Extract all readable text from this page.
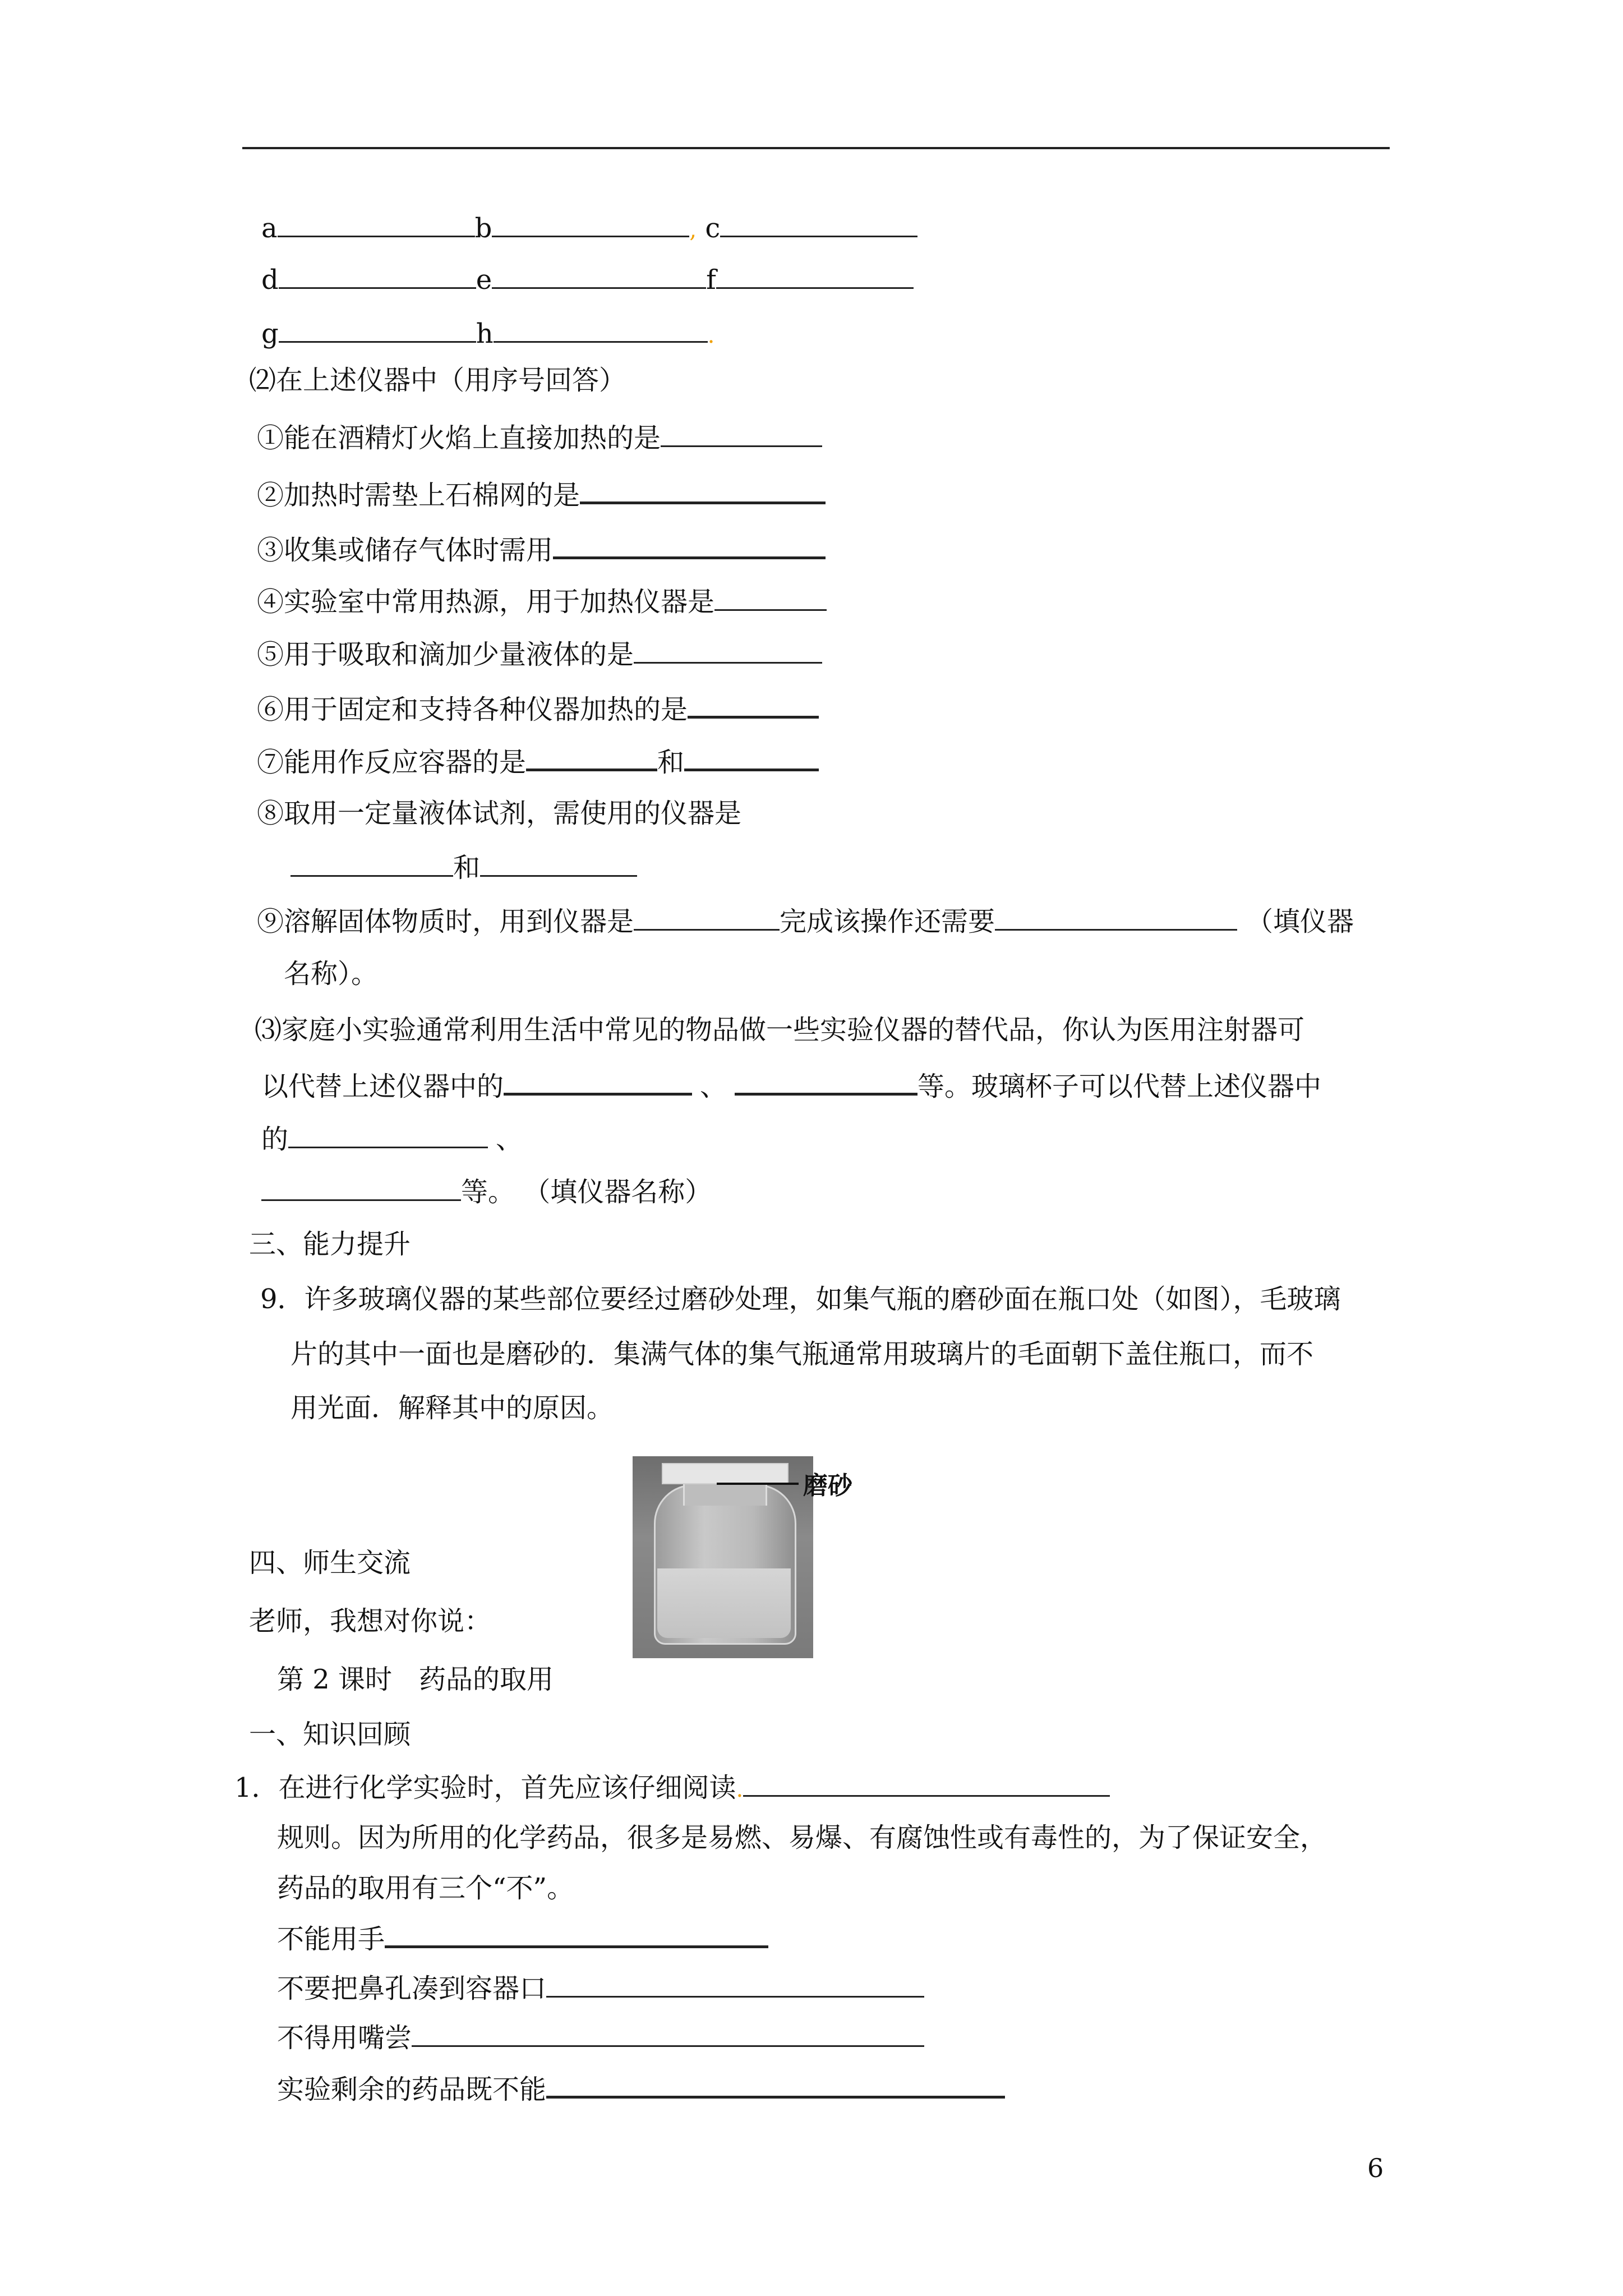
a	b	, c
d	e	f
g	h	.
⑵在上述仪器中（用序号回答）
①能在酒精灯火焰上直接加热的是
②加热时需垫上石棉网的是
③收集或储存气体时需用
④实验室中常用热源，用于加热仪器是
⑤用于吸取和滴加少量液体的是
⑥用于固定和支持各种仪器加热的是
⑦能用作反应容器的是	和
⑧取用一定量液体试剂，需使用的仪器是
和
⑨溶解固体物质时，用到仪器是	完成该操作还需要	（填仪器
名称）。
⑶家庭小实验通常利用生活中常见的物品做一些实验仪器的替代品，你认为医用注射器可
以代替上述仪器中的	、	等。玻璃杯子可以代替上述仪器中
的	、
等。 （填仪器名称）
三、能力提升
9．许多玻璃仪器的某些部位要经过磨砂处理，如集气瓶的磨砂面在瓶口处（如图），毛玻璃
片的其中一面也是磨砂的．集满气体的集气瓶通常用玻璃片的毛面朝下盖住瓶口，而不
用光面．解释其中的原因。
磨砂
四、师生交流
老师，我想对你说：
第 2 课时　药品的取用
一、知识回顾
1．在进行化学实验时，首先应该仔细阅读.
规则。因为所用的化学药品，很多是易燃、易爆、有腐蚀性或有毒性的，为了保证安全，
药品的取用有三个“不”。
不能用手
不要把鼻孔凑到容器口
不得用嘴尝
实验剩余的药品既不能
6
